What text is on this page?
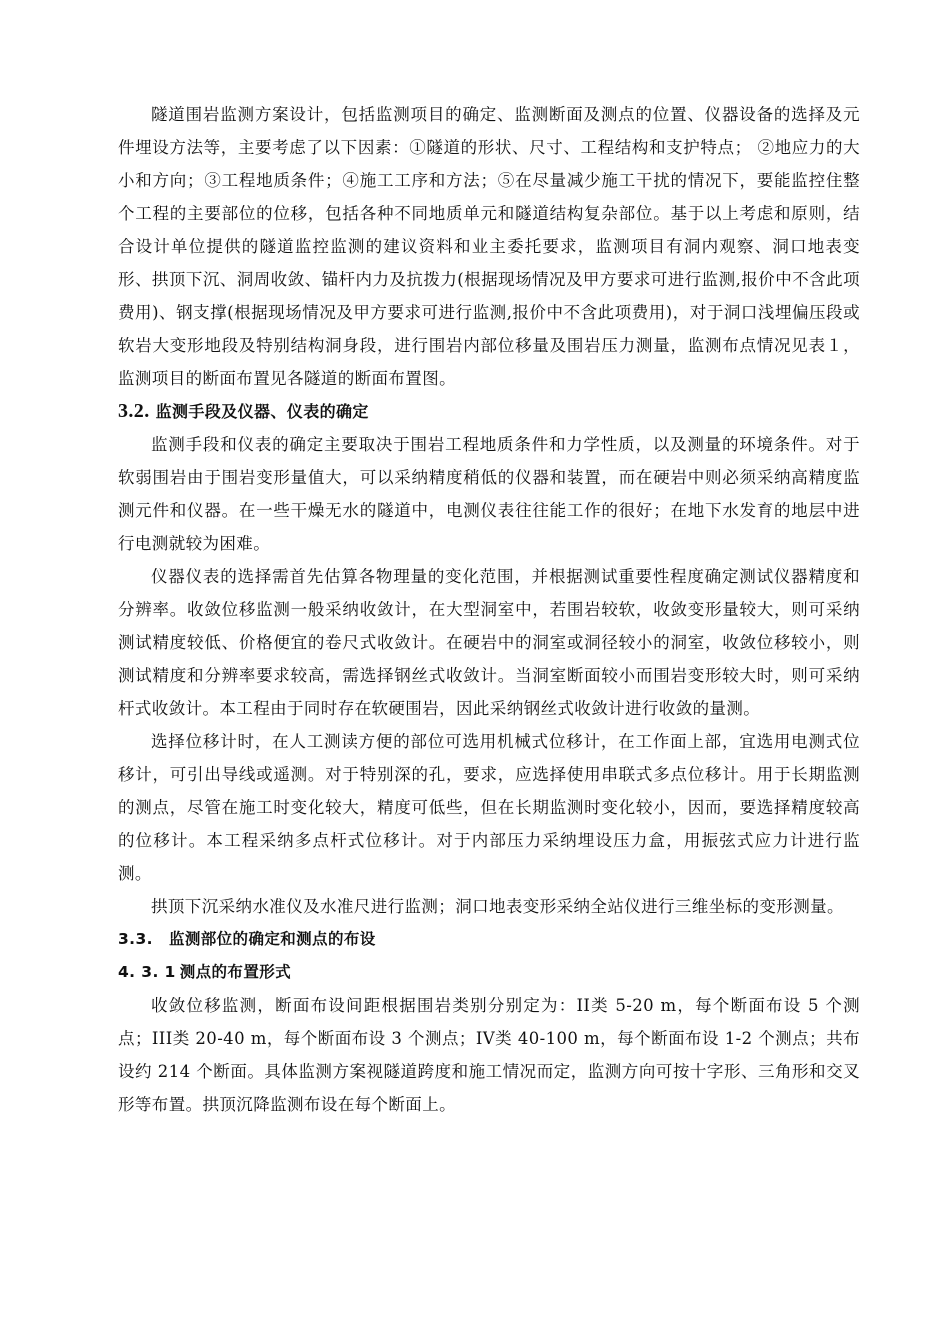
隧道围岩监测方案设计，包括监测项目的确定、监测断面及测点的位置、仪器设备的选择及元件埋设方法等，主要考虑了以下因素：①隧道的形状、尺寸、工程结构和支护特点； ②地应力的大小和方向；③工程地质条件；④施工工序和方法；⑤在尽量减少施工干扰的情况下，要能监控住整个工程的主要部位的位移，包括各种不同地质单元和隧道结构复杂部位。基于以上考虑和原则，结合设计单位提供的隧道监控监测的建议资料和业主委托要求，监测项目有洞内观察、洞口地表变形、拱顶下沉、洞周收敛、锚杆内力及抗拨力(根据现场情况及甲方要求可进行监测,报价中不含此项费用)、钢支撑(根据现场情况及甲方要求可进行监测,报价中不含此项费用)，对于洞口浅埋偏压段或软岩大变形地段及特别结构洞身段，进行围岩内部位移量及围岩压力测量，监测布点情况见表１，监测项目的断面布置见各隧道的断面布置图。

3.2. 监测手段及仪器、仪表的确定

监测手段和仪表的确定主要取决于围岩工程地质条件和力学性质，以及测量的环境条件。对于软弱围岩由于围岩变形量值大，可以采纳精度稍低的仪器和装置，而在硬岩中则必须采纳高精度监测元件和仪器。在一些干燥无水的隧道中，电测仪表往往能工作的很好；在地下水发育的地层中进行电测就较为困难。

仪器仪表的选择需首先估算各物理量的变化范围，并根据测试重要性程度确定测试仪器精度和分辨率。收敛位移监测一般采纳收敛计，在大型洞室中，若围岩较软，收敛变形量较大，则可采纳测试精度较低、价格便宜的卷尺式收敛计。在硬岩中的洞室或洞径较小的洞室，收敛位移较小，则测试精度和分辨率要求较高，需选择钢丝式收敛计。当洞室断面较小而围岩变形较大时，则可采纳杆式收敛计。本工程由于同时存在软硬围岩，因此采纳钢丝式收敛计进行收敛的量测。

选择位移计时，在人工测读方便的部位可选用机械式位移计，在工作面上部，宜选用电测式位移计，可引出导线或遥测。对于特别深的孔，要求，应选择使用串联式多点位移计。用于长期监测的测点，尽管在施工时变化较大，精度可低些，但在长期监测时变化较小，因而，要选择精度较高的位移计。本工程采纳多点杆式位移计。对于内部压力采纳埋设压力盒，用振弦式应力计进行监测。

拱顶下沉采纳水准仪及水准尺进行监测；洞口地表变形采纳全站仪进行三维坐标的变形测量。

3.3. 监测部位的确定和测点的布设
4. 3. 1 测点的布置形式

收敛位移监测，断面布设间距根据围岩类别分别定为：II类 5-20 m，每个断面布设 5 个测点；III类 20-40 m，每个断面布设 3 个测点；IV类 40-100 m，每个断面布设 1-2 个测点；共布设约 214 个断面。具体监测方案视隧道跨度和施工情况而定，监测方向可按十字形、三角形和交叉形等布置。拱顶沉降监测布设在每个断面上。
